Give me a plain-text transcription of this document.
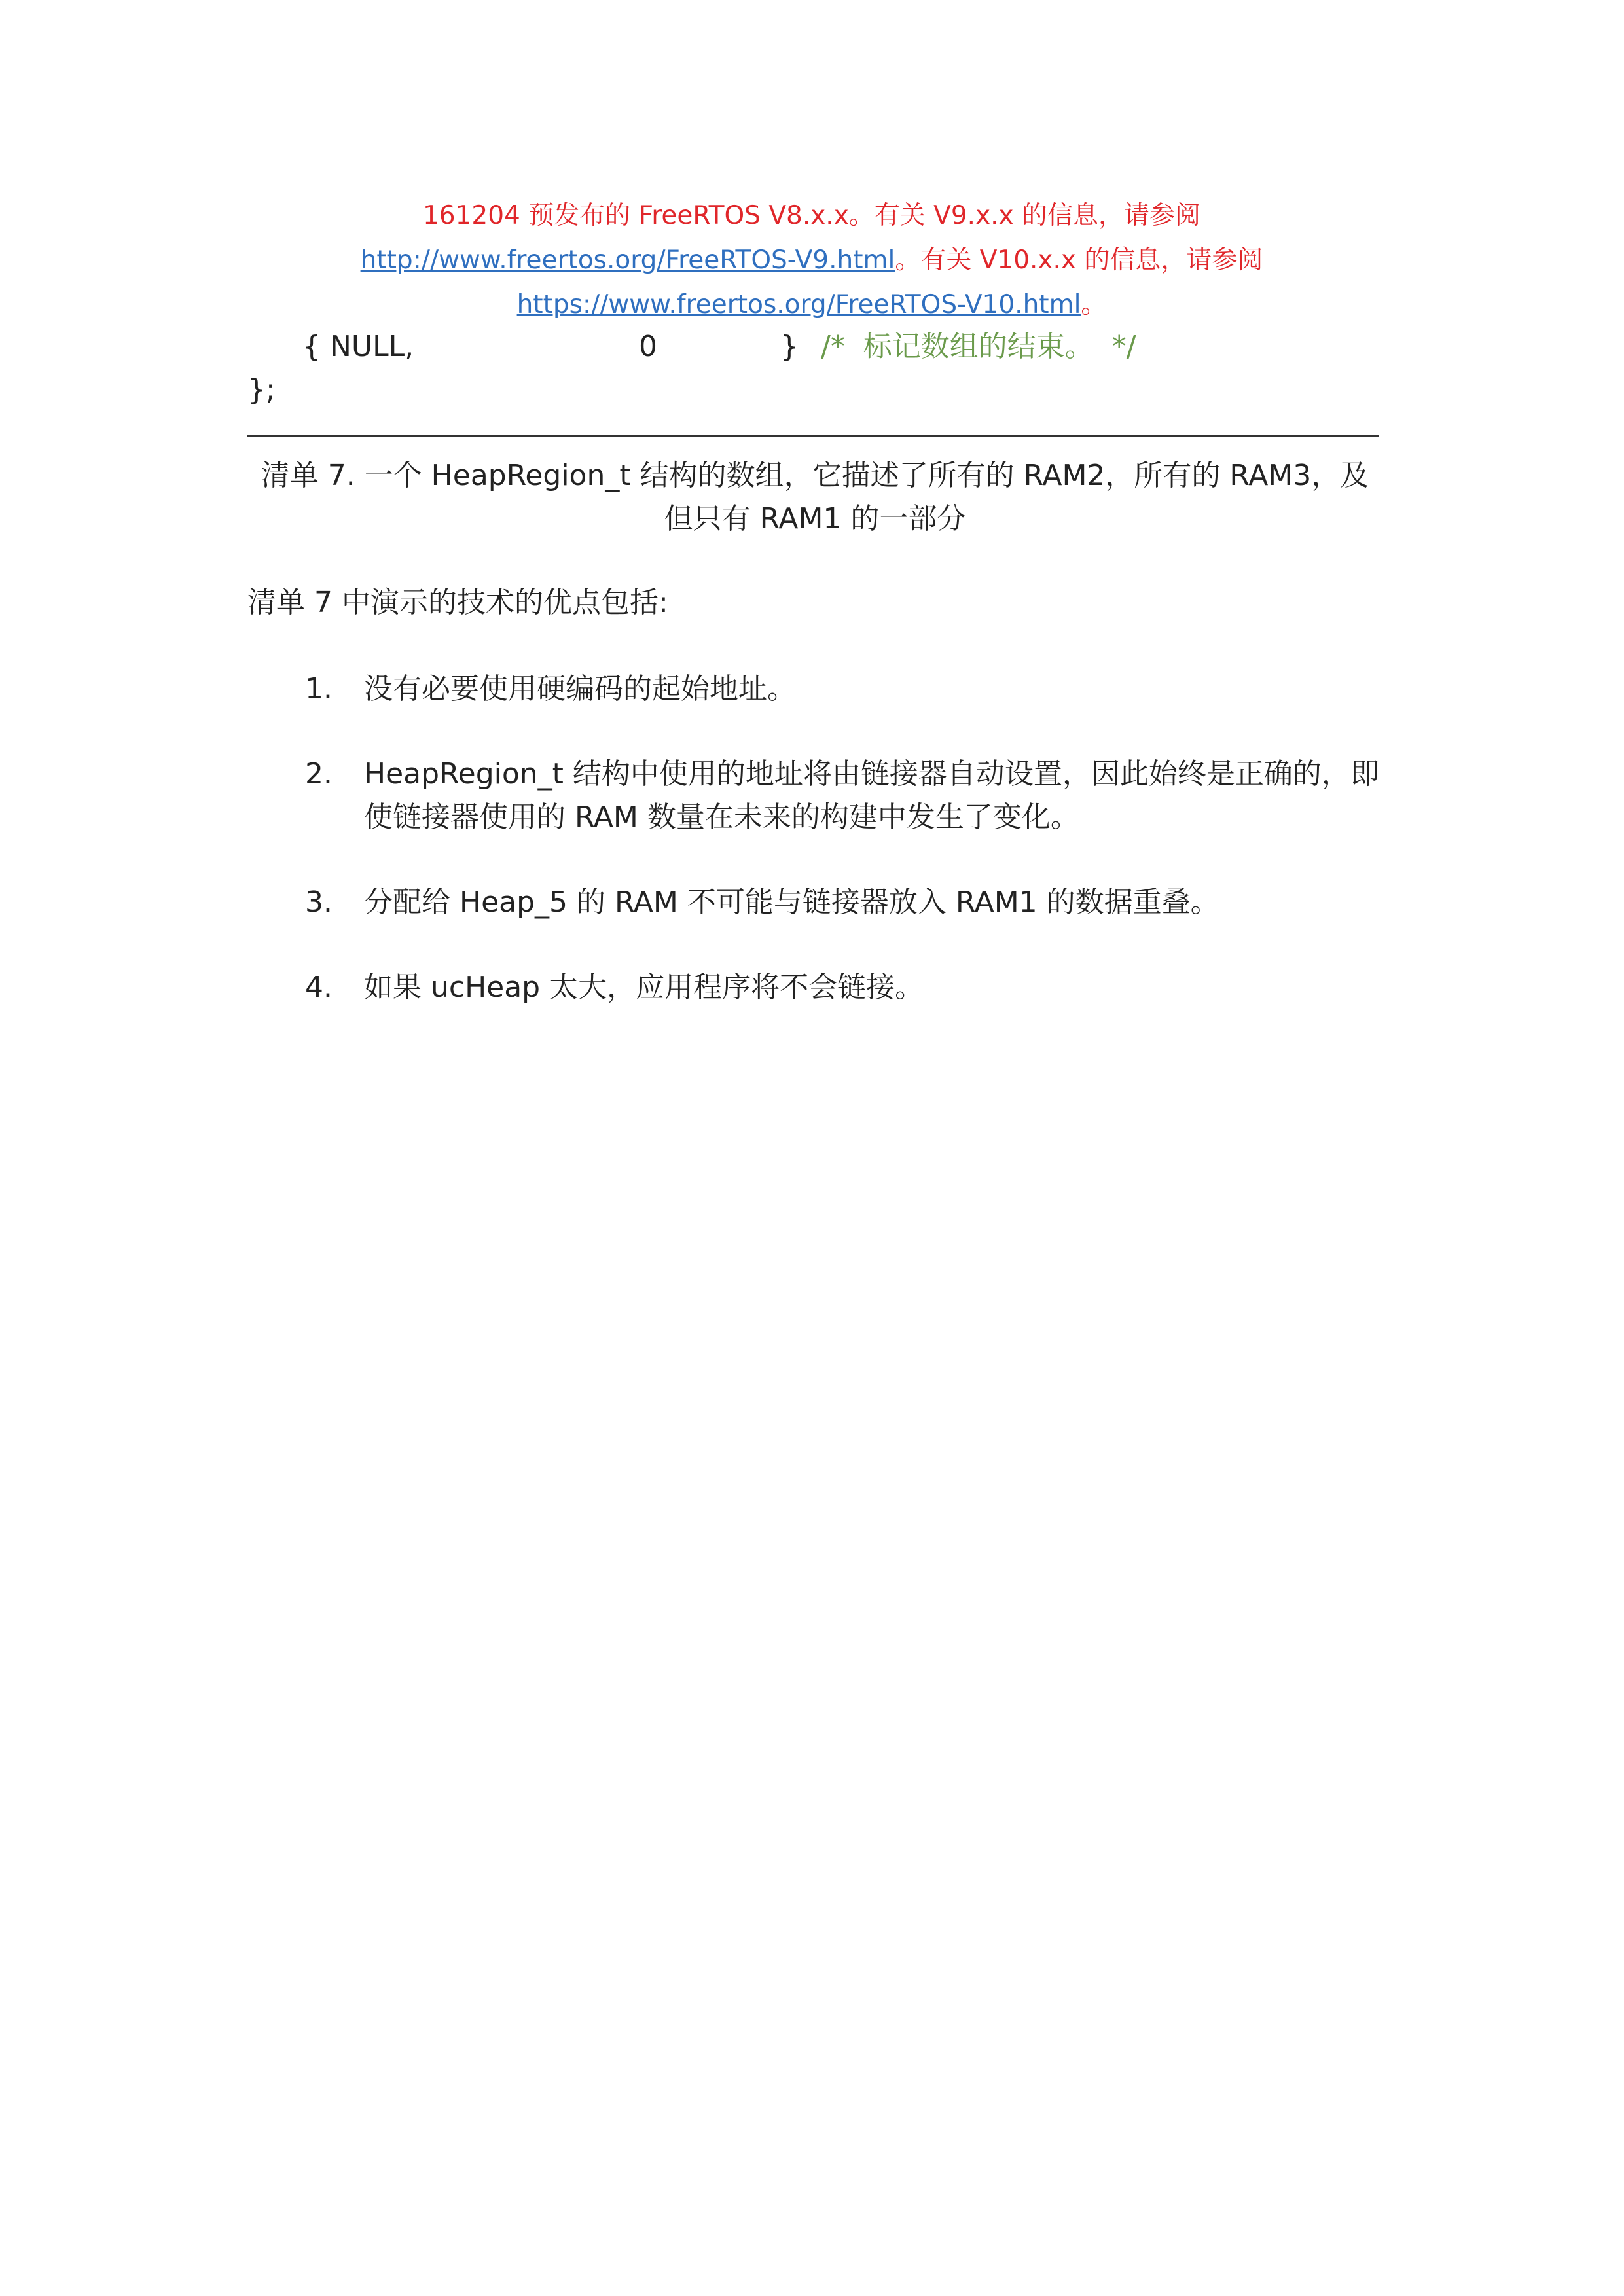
161204 预发布的 FreeRTOS V8.x.x。有关 V9.x.x 的信息，请参阅 http://www.freertos.org/FreeRTOS-V9.html。有关 V10.x.x 的信息，请参阅 https://www.freertos.org/FreeRTOS-V10.html。
{ NULL,	0	} /*  标记数组的结束。  */
};
清单 7. 一个 HeapRegion_t 结构的数组，它描述了所有的 RAM2，所有的 RAM3，及但只有 RAM1 的一部分
清单 7 中演示的技术的优点包括:
1.	没有必要使用硬编码的起始地址。
2.	HeapRegion_t 结构中使用的地址将由链接器自动设置，因此始终是正确的，即使链接器使用的 RAM 数量在未来的构建中发生了变化。
3.	分配给 Heap_5 的 RAM 不可能与链接器放入 RAM1 的数据重叠。
4.	如果 ucHeap 太大，应用程序将不会链接。
